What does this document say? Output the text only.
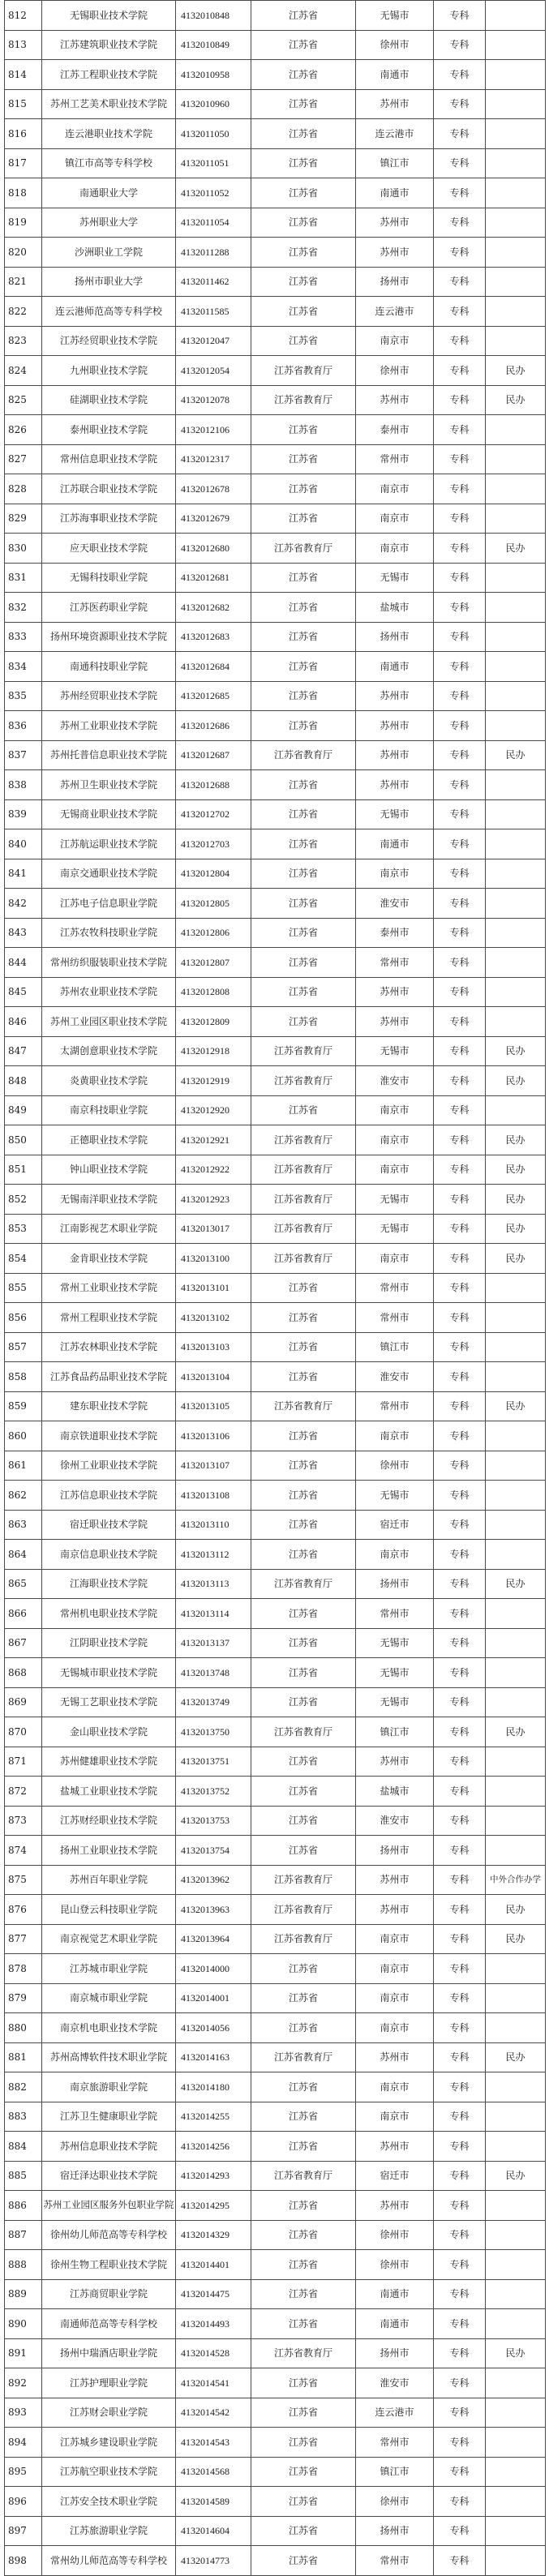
812	无锡职业技术学院	4132010848	江苏省	无锡市	专科	
813	江苏建筑职业技术学院	4132010849	江苏省	徐州市	专科	
814	江苏工程职业技术学院	4132010958	江苏省	南通市	专科	
815	苏州工艺美术职业技术学院	4132010960	江苏省	苏州市	专科	
816	连云港职业技术学院	4132011050	江苏省	连云港市	专科	
817	镇江市高等专科学校	4132011051	江苏省	镇江市	专科	
818	南通职业大学	4132011052	江苏省	南通市	专科	
819	苏州职业大学	4132011054	江苏省	苏州市	专科	
820	沙洲职业工学院	4132011288	江苏省	苏州市	专科	
821	扬州市职业大学	4132011462	江苏省	扬州市	专科	
822	连云港师范高等专科学校	4132011585	江苏省	连云港市	专科	
823	江苏经贸职业技术学院	4132012047	江苏省	南京市	专科	
824	九州职业技术学院	4132012054	江苏省教育厅	徐州市	专科	民办
825	硅湖职业技术学院	4132012078	江苏省教育厅	苏州市	专科	民办
826	泰州职业技术学院	4132012106	江苏省	泰州市	专科	
827	常州信息职业技术学院	4132012317	江苏省	常州市	专科	
828	江苏联合职业技术学院	4132012678	江苏省	南京市	专科	
829	江苏海事职业技术学院	4132012679	江苏省	南京市	专科	
830	应天职业技术学院	4132012680	江苏省教育厅	南京市	专科	民办
831	无锡科技职业学院	4132012681	江苏省	无锡市	专科	
832	江苏医药职业学院	4132012682	江苏省	盐城市	专科	
833	扬州环境资源职业技术学院	4132012683	江苏省	扬州市	专科	
834	南通科技职业学院	4132012684	江苏省	南通市	专科	
835	苏州经贸职业技术学院	4132012685	江苏省	苏州市	专科	
836	苏州工业职业技术学院	4132012686	江苏省	苏州市	专科	
837	苏州托普信息职业技术学院	4132012687	江苏省教育厅	苏州市	专科	民办
838	苏州卫生职业技术学院	4132012688	江苏省	苏州市	专科	
839	无锡商业职业技术学院	4132012702	江苏省	无锡市	专科	
840	江苏航运职业技术学院	4132012703	江苏省	南通市	专科	
841	南京交通职业技术学院	4132012804	江苏省	南京市	专科	
842	江苏电子信息职业学院	4132012805	江苏省	淮安市	专科	
843	江苏农牧科技职业学院	4132012806	江苏省	泰州市	专科	
844	常州纺织服装职业技术学院	4132012807	江苏省	常州市	专科	
845	苏州农业职业技术学院	4132012808	江苏省	苏州市	专科	
846	苏州工业园区职业技术学院	4132012809	江苏省	苏州市	专科	
847	太湖创意职业技术学院	4132012918	江苏省教育厅	无锡市	专科	民办
848	炎黄职业技术学院	4132012919	江苏省教育厅	淮安市	专科	民办
849	南京科技职业学院	4132012920	江苏省	南京市	专科	
850	正德职业技术学院	4132012921	江苏省教育厅	南京市	专科	民办
851	钟山职业技术学院	4132012922	江苏省教育厅	南京市	专科	民办
852	无锡南洋职业技术学院	4132012923	江苏省教育厅	无锡市	专科	民办
853	江南影视艺术职业学院	4132013017	江苏省教育厅	无锡市	专科	民办
854	金肯职业技术学院	4132013100	江苏省教育厅	南京市	专科	民办
855	常州工业职业技术学院	4132013101	江苏省	常州市	专科	
856	常州工程职业技术学院	4132013102	江苏省	常州市	专科	
857	江苏农林职业技术学院	4132013103	江苏省	镇江市	专科	
858	江苏食品药品职业技术学院	4132013104	江苏省	淮安市	专科	
859	建东职业技术学院	4132013105	江苏省教育厅	常州市	专科	民办
860	南京铁道职业技术学院	4132013106	江苏省	南京市	专科	
861	徐州工业职业技术学院	4132013107	江苏省	徐州市	专科	
862	江苏信息职业技术学院	4132013108	江苏省	无锡市	专科	
863	宿迁职业技术学院	4132013110	江苏省	宿迁市	专科	
864	南京信息职业技术学院	4132013112	江苏省	南京市	专科	
865	江海职业技术学院	4132013113	江苏省教育厅	扬州市	专科	民办
866	常州机电职业技术学院	4132013114	江苏省	常州市	专科	
867	江阴职业技术学院	4132013137	江苏省	无锡市	专科	
868	无锡城市职业技术学院	4132013748	江苏省	无锡市	专科	
869	无锡工艺职业技术学院	4132013749	江苏省	无锡市	专科	
870	金山职业技术学院	4132013750	江苏省教育厅	镇江市	专科	民办
871	苏州健雄职业技术学院	4132013751	江苏省	苏州市	专科	
872	盐城工业职业技术学院	4132013752	江苏省	盐城市	专科	
873	江苏财经职业技术学院	4132013753	江苏省	淮安市	专科	
874	扬州工业职业技术学院	4132013754	江苏省	扬州市	专科	
875	苏州百年职业学院	4132013962	江苏省教育厅	苏州市	专科	中外合作办学
876	昆山登云科技职业学院	4132013963	江苏省教育厅	苏州市	专科	民办
877	南京视觉艺术职业学院	4132013964	江苏省教育厅	南京市	专科	民办
878	江苏城市职业学院	4132014000	江苏省	南京市	专科	
879	南京城市职业学院	4132014001	江苏省	南京市	专科	
880	南京机电职业技术学院	4132014056	江苏省	南京市	专科	
881	苏州高博软件技术职业学院	4132014163	江苏省教育厅	苏州市	专科	民办
882	南京旅游职业学院	4132014180	江苏省	南京市	专科	
883	江苏卫生健康职业学院	4132014255	江苏省	南京市	专科	
884	苏州信息职业技术学院	4132014256	江苏省	苏州市	专科	
885	宿迁泽达职业技术学院	4132014293	江苏省教育厅	宿迁市	专科	民办
886	苏州工业园区服务外包职业学院	4132014295	江苏省	苏州市	专科	
887	徐州幼儿师范高等专科学校	4132014329	江苏省	徐州市	专科	
888	徐州生物工程职业技术学院	4132014401	江苏省	徐州市	专科	
889	江苏商贸职业学院	4132014475	江苏省	南通市	专科	
890	南通师范高等专科学校	4132014493	江苏省	南通市	专科	
891	扬州中瑞酒店职业学院	4132014528	江苏省教育厅	扬州市	专科	民办
892	江苏护理职业学院	4132014541	江苏省	淮安市	专科	
893	江苏财会职业学院	4132014542	江苏省	连云港市	专科	
894	江苏城乡建设职业学院	4132014543	江苏省	常州市	专科	
895	江苏航空职业技术学院	4132014568	江苏省	镇江市	专科	
896	江苏安全技术职业学院	4132014589	江苏省	徐州市	专科	
897	江苏旅游职业学院	4132014604	江苏省	扬州市	专科	
898	常州幼儿师范高等专科学校	4132014773	江苏省	常州市	专科	
